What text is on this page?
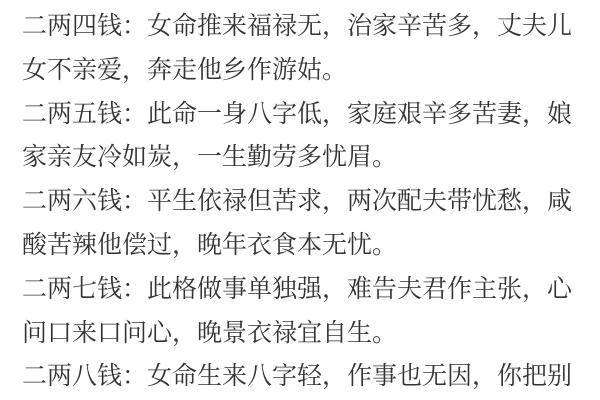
二两四钱：女命推来福禄无，治家辛苦多，丈夫儿
女不亲爱，奔走他乡作游姑。
二两五钱：此命一身八字低，家庭艰辛多苦妻，娘
家亲友冷如炭，一生勤劳多忧眉。
二两六钱：平生依禄但苦求，两次配夫带忧愁，咸
酸苦辣他偿过，晚年衣食本无忧。
二两七钱：此格做事单独强，难告夫君作主张，心
问口来口问心，晚景衣禄宜自生。
二两八钱：女命生来八字轻，作事也无因，你把别
